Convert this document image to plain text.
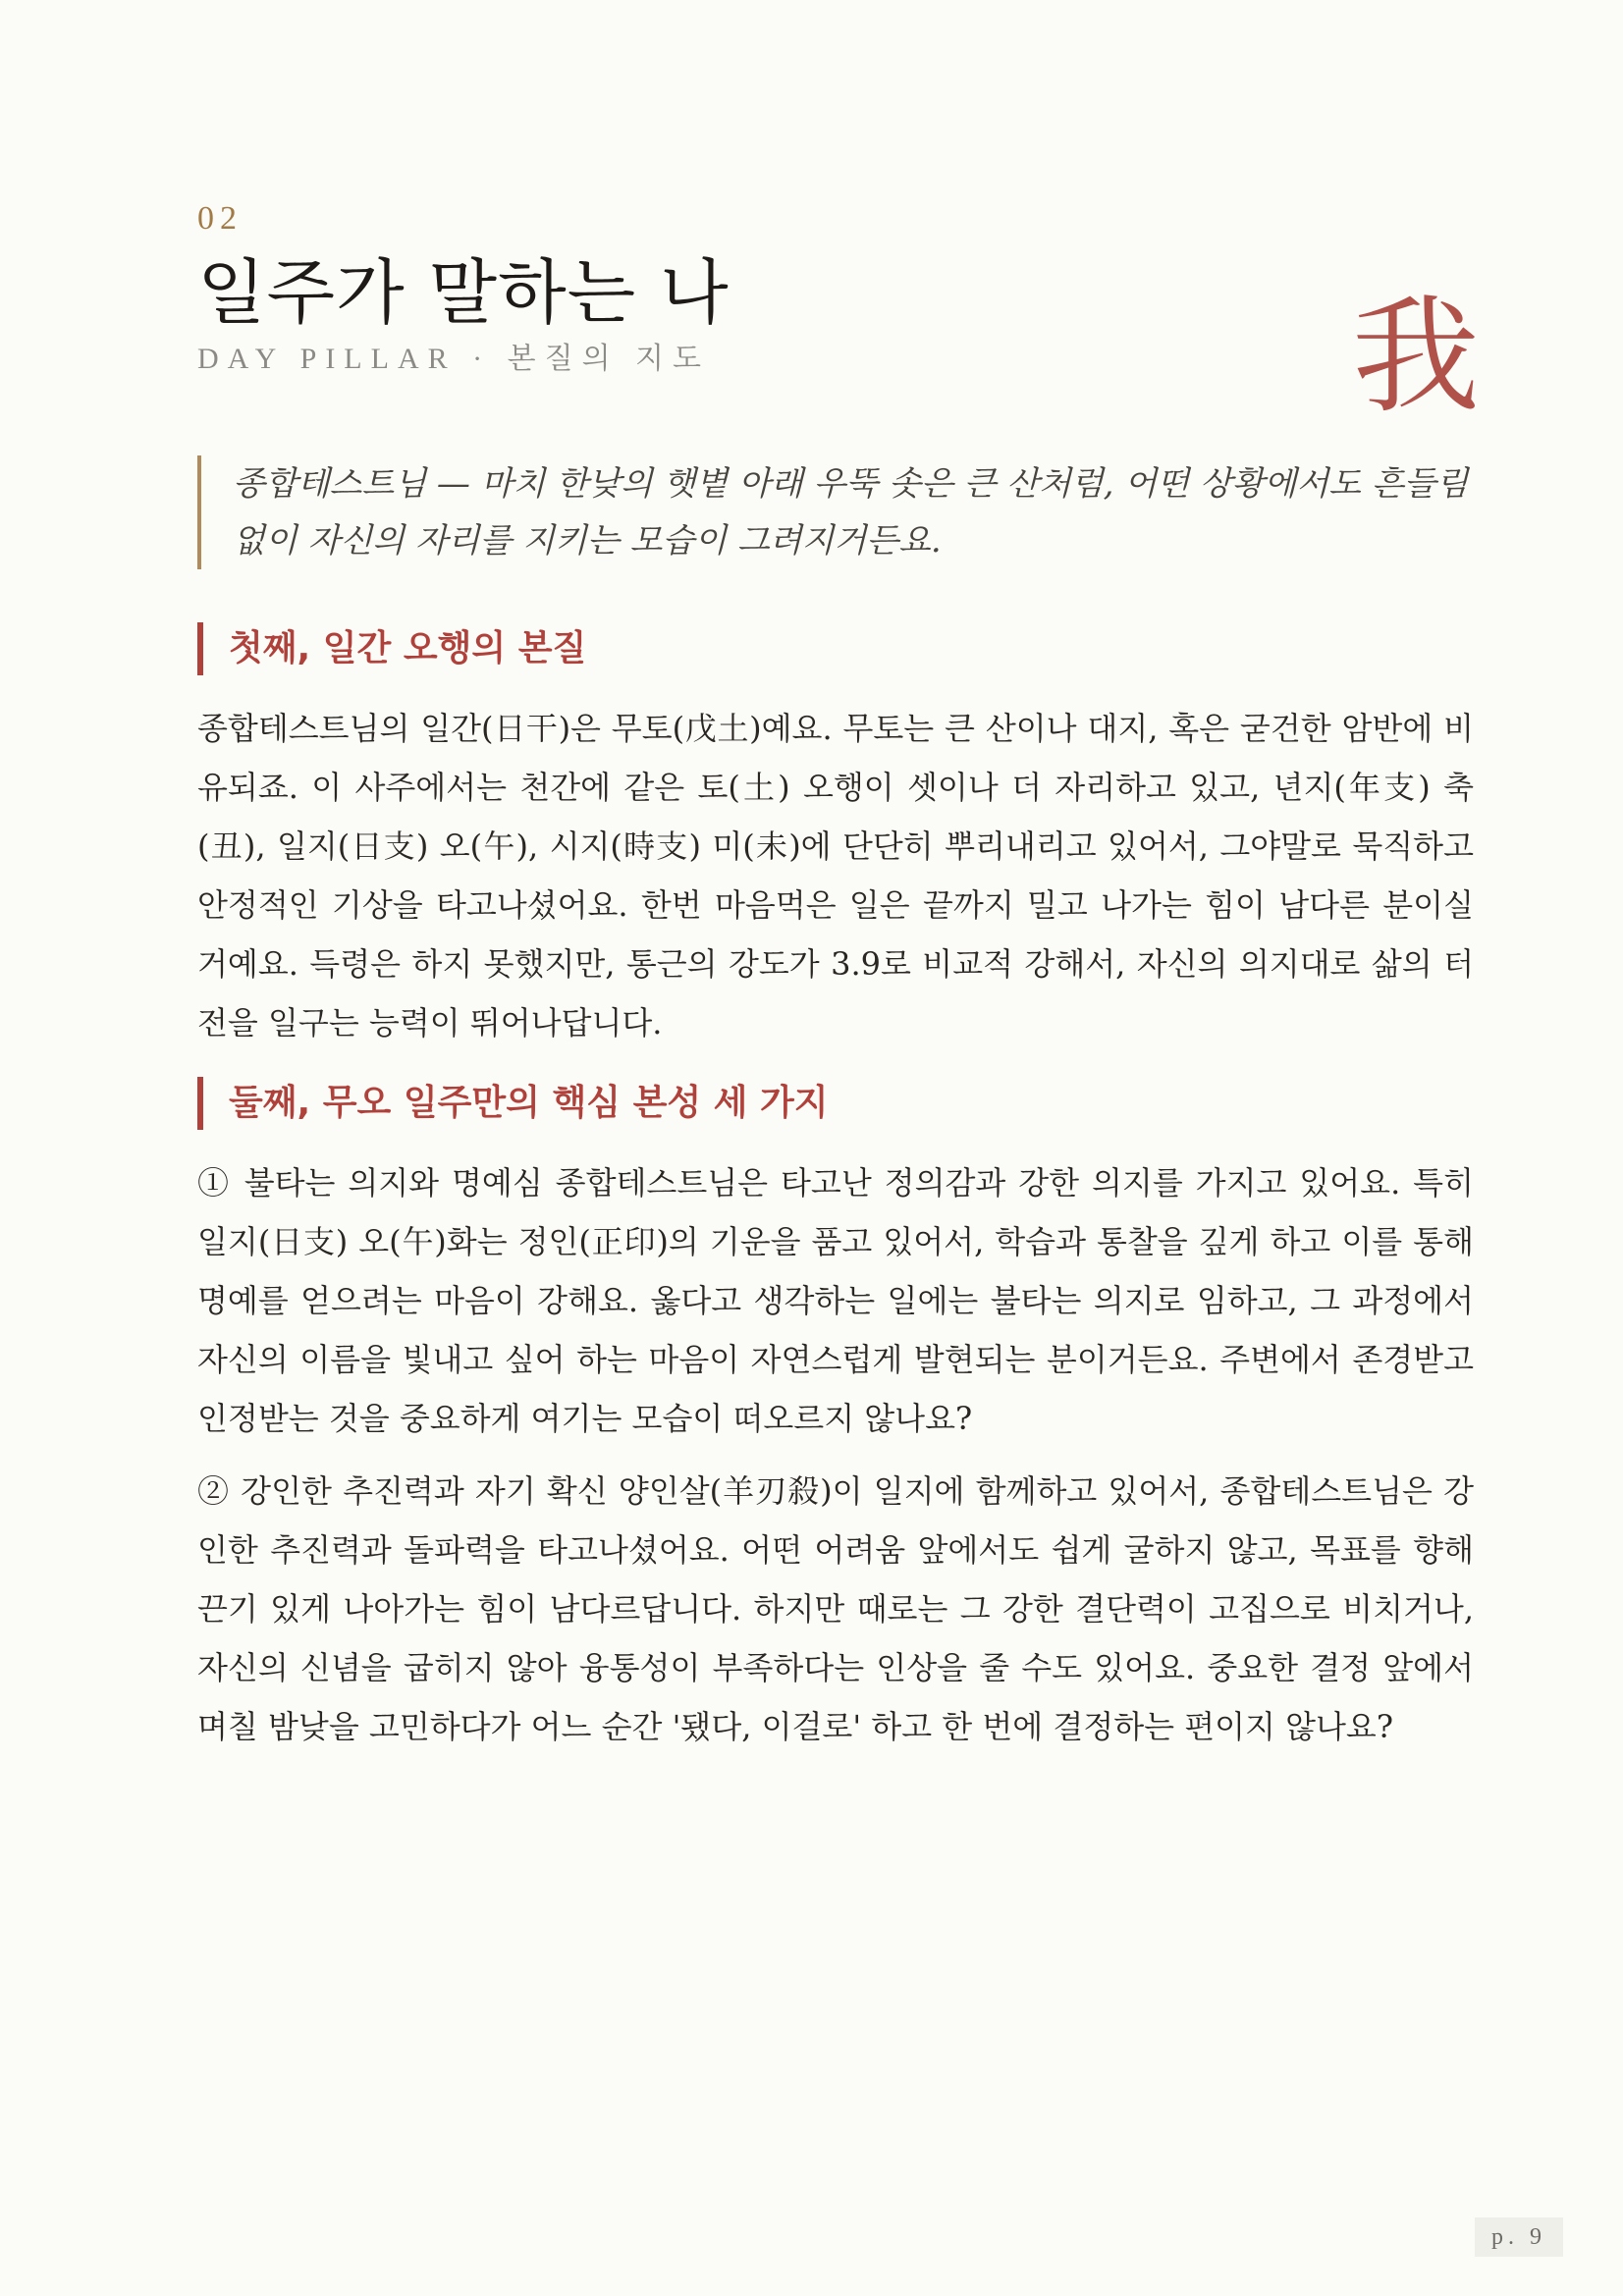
02

일주가 말하는 나

DAY PILLAR · 본질의 지도	我
종합테스트님 — 마치 한낮의 햇볕 아래 우뚝 솟은 큰 산처럼, 어떤 상황에서도 흔들림 없이 자신의 자리를 지키는 모습이 그려지거든요.
첫째, 일간 오행의 본질

종합테스트님의 일간(日干)은 무토(戊土)예요. 무토는 큰 산이나 대지, 혹은 굳건한 암반에 비유되죠. 이 사주에서는 천간에 같은 토(土) 오행이 셋이나 더 자리하고 있고, 년지(年支) 축(丑), 일지(日支) 오(午), 시지(時支) 미(未)에 단단히 뿌리내리고 있어서, 그야말로 묵직하고 안정적인 기상을 타고나셨어요. 한번 마음먹은 일은 끝까지 밀고 나가는 힘이 남다른 분이실 거예요. 득령은 하지 못했지만, 통근의 강도가 3.9로 비교적 강해서, 자신의 의지대로 삶의 터전을 일구는 능력이 뛰어나답니다.

둘째, 무오 일주만의 핵심 본성 세 가지

① 불타는 의지와 명예심 종합테스트님은 타고난 정의감과 강한 의지를 가지고 있어요. 특히 일지(日支) 오(午)화는 정인(正印)의 기운을 품고 있어서, 학습과 통찰을 깊게 하고 이를 통해 명예를 얻으려는 마음이 강해요. 옳다고 생각하는 일에는 불타는 의지로 임하고, 그 과정에서 자신의 이름을 빛내고 싶어 하는 마음이 자연스럽게 발현되는 분이거든요. 주변에서 존경받고 인정받는 것을 중요하게 여기는 모습이 떠오르지 않나요?

② 강인한 추진력과 자기 확신 양인살(羊刃殺)이 일지에 함께하고 있어서, 종합테스트님은 강인한 추진력과 돌파력을 타고나셨어요. 어떤 어려움 앞에서도 쉽게 굴하지 않고, 목표를 향해 끈기 있게 나아가는 힘이 남다르답니다. 하지만 때로는 그 강한 결단력이 고집으로 비치거나, 자신의 신념을 굽히지 않아 융통성이 부족하다는 인상을 줄 수도 있어요. 중요한 결정 앞에서 며칠 밤낮을 고민하다가 어느 순간 '됐다, 이걸로' 하고 한 번에 결정하는 편이지 않나요?

p. 9
